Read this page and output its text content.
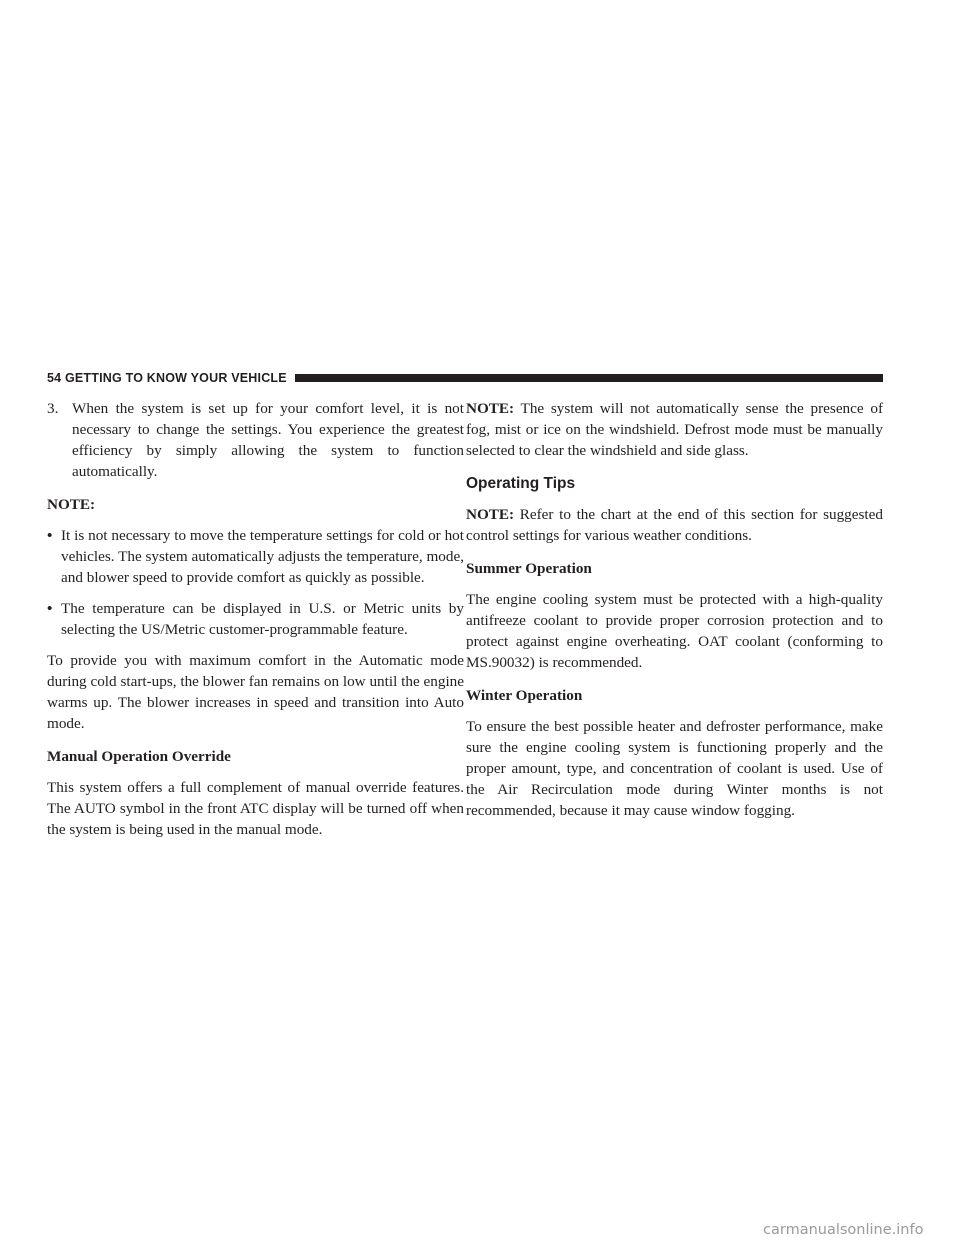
54 GETTING TO KNOW YOUR VEHICLE
3. When the system is set up for your comfort level, it is not necessary to change the settings. You experience the greatest efficiency by simply allowing the system to function automatically.
NOTE:
• It is not necessary to move the temperature settings for cold or hot vehicles. The system automatically adjusts the temperature, mode, and blower speed to provide comfort as quickly as possible.
• The temperature can be displayed in U.S. or Metric units by selecting the US/Metric customer-programmable feature.

To provide you with maximum comfort in the Automatic mode during cold start-ups, the blower fan remains on low until the engine warms up. The blower increases in speed and transition into Auto mode.

Manual Operation Override

This system offers a full complement of manual override features. The AUTO symbol in the front ATC display will be turned off when the system is being used in the manual mode.

NOTE: The system will not automatically sense the presence of fog, mist or ice on the windshield. Defrost mode must be manually selected to clear the windshield and side glass.

Operating Tips

NOTE: Refer to the chart at the end of this section for suggested control settings for various weather conditions.

Summer Operation

The engine cooling system must be protected with a high-quality antifreeze coolant to provide proper corrosion protection and to protect against engine overheating. OAT coolant (conforming to MS.90032) is recommended.

Winter Operation

To ensure the best possible heater and defroster performance, make sure the engine cooling system is functioning properly and the proper amount, type, and concentration of coolant is used. Use of the Air Recirculation mode during Winter months is not recommended, because it may cause window fogging.

carmanualsonline.info
